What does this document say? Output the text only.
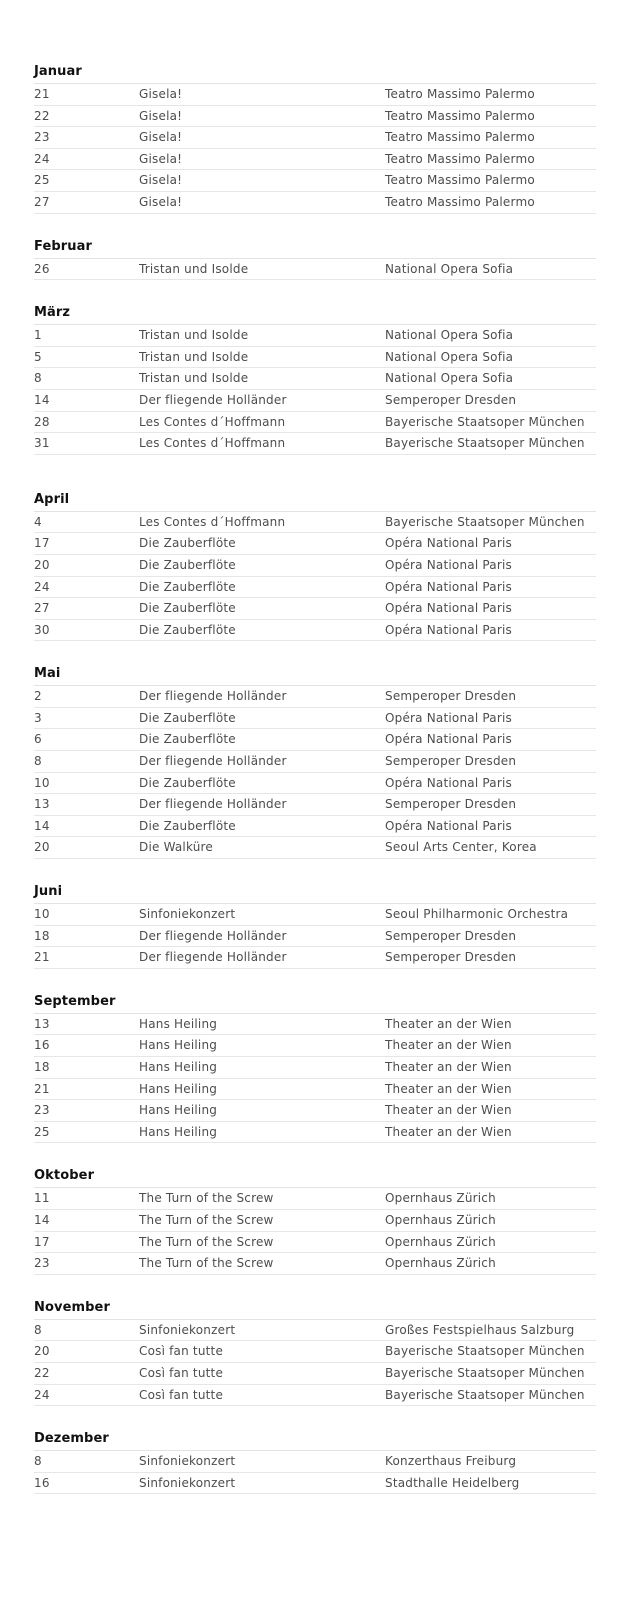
Januar
21	Gisela!	Teatro Massimo Palermo
22	Gisela!	Teatro Massimo Palermo
23	Gisela!	Teatro Massimo Palermo
24	Gisela!	Teatro Massimo Palermo
25	Gisela!	Teatro Massimo Palermo
27	Gisela!	Teatro Massimo Palermo
Februar
26	Tristan und Isolde	National Opera Sofia
März
1	Tristan und Isolde	National Opera Sofia
5	Tristan und Isolde	National Opera Sofia
8	Tristan und Isolde	National Opera Sofia
14	Der fliegende Holländer	Semperoper Dresden
28	Les Contes d´Hoffmann	Bayerische Staatsoper München
31	Les Contes d´Hoffmann	Bayerische Staatsoper München
April
4	Les Contes d´Hoffmann	Bayerische Staatsoper München
17	Die Zauberflöte	Opéra National Paris
20	Die Zauberflöte	Opéra National Paris
24	Die Zauberflöte	Opéra National Paris
27	Die Zauberflöte	Opéra National Paris
30	Die Zauberflöte	Opéra National Paris
Mai
2	Der fliegende Holländer	Semperoper Dresden
3	Die Zauberflöte	Opéra National Paris
6	Die Zauberflöte	Opéra National Paris
8	Der fliegende Holländer	Semperoper Dresden
10	Die Zauberflöte	Opéra National Paris
13	Der fliegende Holländer	Semperoper Dresden
14	Die Zauberflöte	Opéra National Paris
20	Die Walküre	Seoul Arts Center, Korea
Juni
10	Sinfoniekonzert	Seoul Philharmonic Orchestra
18	Der fliegende Holländer	Semperoper Dresden
21	Der fliegende Holländer	Semperoper Dresden
September
13	Hans Heiling	Theater an der Wien
16	Hans Heiling	Theater an der Wien
18	Hans Heiling	Theater an der Wien
21	Hans Heiling	Theater an der Wien
23	Hans Heiling	Theater an der Wien
25	Hans Heiling	Theater an der Wien
Oktober
11	The Turn of the Screw	Opernhaus Zürich
14	The Turn of the Screw	Opernhaus Zürich
17	The Turn of the Screw	Opernhaus Zürich
23	The Turn of the Screw	Opernhaus Zürich
November
8	Sinfoniekonzert	Großes Festspielhaus Salzburg
20	Così fan tutte	Bayerische Staatsoper München
22	Così fan tutte	Bayerische Staatsoper München
24	Così fan tutte	Bayerische Staatsoper München
Dezember
8	Sinfoniekonzert	Konzerthaus Freiburg
16	Sinfoniekonzert	Stadthalle Heidelberg
